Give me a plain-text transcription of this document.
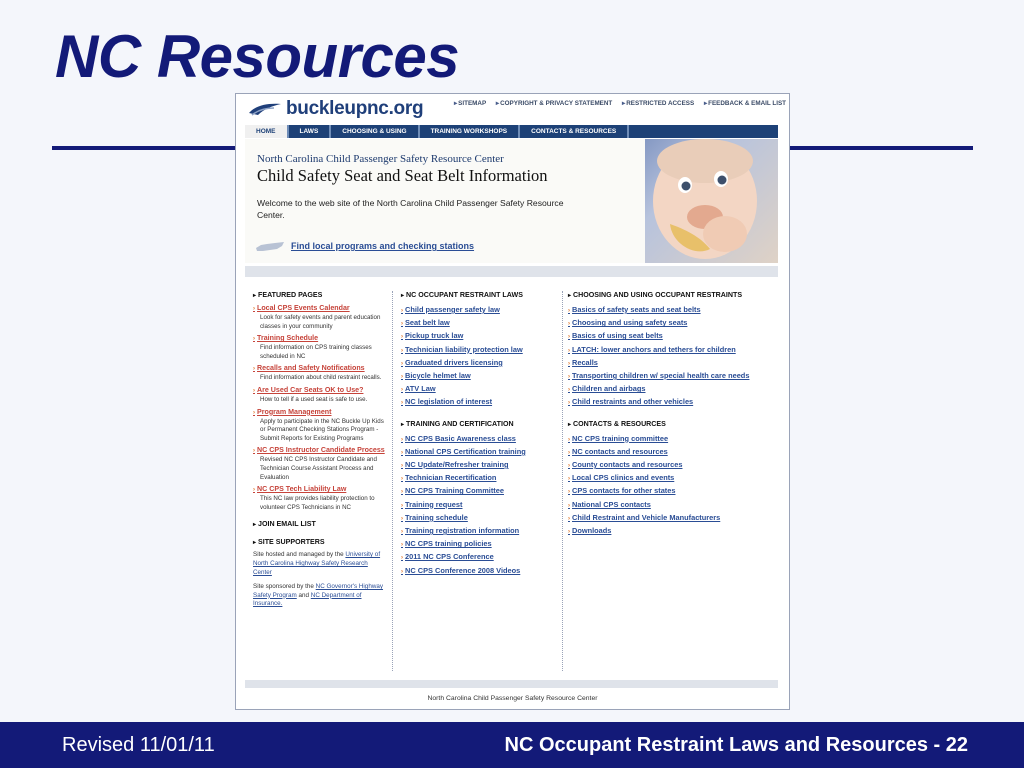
NC Resources
buckleupnc.org	▸SITEMAP ▸COPYRIGHT & PRIVACY STATEMENT ▸RESTRICTED ACCESS ▸FEEDBACK & EMAIL LIST
HOME	LAWS	CHOOSING & USING	TRAINING WORKSHOPS	CONTACTS & RESOURCES
North Carolina Child Passenger Safety Resource Center
Child Safety Seat and Seat Belt Information
Welcome to the web site of the North Carolina Child Passenger Safety Resource Center.
Find local programs and checking stations
▸ FEATURED PAGES
› Local CPS Events Calendar
Look for safety events and parent education classes in your community
› Training Schedule
Find information on CPS training classes scheduled in NC
› Recalls and Safety Notifications
Find information about child restraint recalls.
› Are Used Car Seats OK to Use?
How to tell if a used seat is safe to use.
› Program Management
Apply to participate in the NC Buckle Up Kids or Permanent Checking Stations Program - Submit Reports for Existing Programs
› NC CPS Instructor Candidate Process
Revised NC CPS Instructor Candidate and Technician Course Assistant Process and Evaluation
› NC CPS Tech Liability Law
This NC law provides liability protection to volunteer CPS Technicians in NC
▸ JOIN EMAIL LIST
▸ SITE SUPPORTERS
Site hosted and managed by the University of North Carolina Highway Safety Research Center
Site sponsored by the NC Governor's Highway Safety Program and NC Department of Insurance.
▸ NC OCCUPANT RESTRAINT LAWS
› Child passenger safety law
› Seat belt law
› Pickup truck law
› Technician liability protection law
› Graduated drivers licensing
› Bicycle helmet law
› ATV Law
› NC legislation of interest
▸ TRAINING AND CERTIFICATION
› NC CPS Basic Awareness class
› National CPS Certification training
› NC Update/Refresher training
› Technician Recertification
› NC CPS Training Committee
› Training request
› Training schedule
› Training registration information
› NC CPS training policies
› 2011 NC CPS Conference
› NC CPS Conference 2008 Videos
▸ CHOOSING AND USING OCCUPANT RESTRAINTS
› Basics of safety seats and seat belts
› Choosing and using safety seats
› Basics of using seat belts
› LATCH: lower anchors and tethers for children
› Recalls
› Transporting children w/ special health care needs
› Children and airbags
› Child restraints and other vehicles
▸ CONTACTS & RESOURCES
› NC CPS training committee
› NC contacts and resources
› County contacts and resources
› Local CPS clinics and events
› CPS contacts for other states
› National CPS contacts
› Child Restraint and Vehicle Manufacturers
› Downloads
North Carolina Child Passenger Safety Resource Center
Revised 11/01/11	NC Occupant Restraint Laws and Resources - 22
